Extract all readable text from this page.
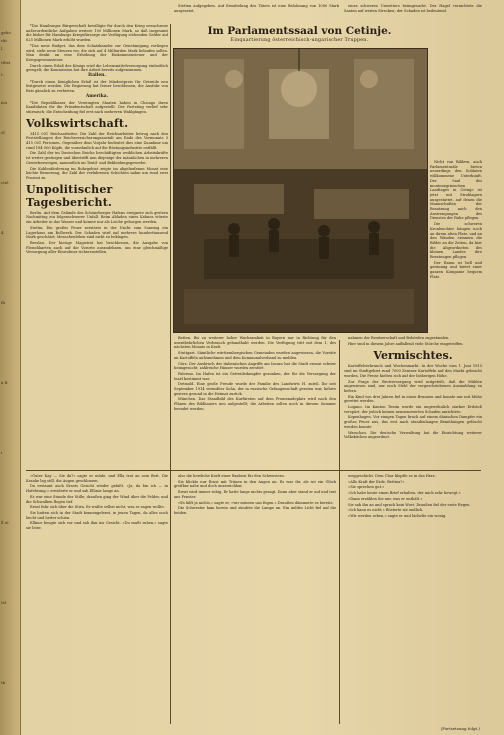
gehe
rkt
l.
ttbei
t.
iiei
öl
ctel
4.
Ri
a B
i
ll ei
tsl
tk

*Die Hamburger Bürgerschaft bewilligte für durch den Krieg erwachsene außerordentliche Aufgaben weitere 100 Millionen Mark, so daß insgesamt die bisher für Hamburgs Kriegsfürsorge zur Verfügung stehenden Gelder auf 625 Millionen Mark erhöht wurden.

*Das neue Budget, das dem Schatzkanzler zur Genehmigung vorliegen wird, sieht neue Steuern vor, die sich auf 4 Milliarden Mark belaufen sollen. Man denkt an eine Erhöhung der Einkommensteuer und der Kriegsgewinnsteuer.

Durch einen Erlaß des Königs wird die Lebensmittelversorgung einheitlich geregelt; die Kommission hat ihre Arbeit bereits aufgenommen.

Italien.

*Durch einen königlichen Erlaß ist der Mindestpreis für Getreide neu festgesetzt worden. Die Regierung hat ferner beschlossen, die Ausfuhr von Reis gänzlich zu verbieten.

Amerika.

*Die Republikaner der Vereinigten Staaten haben in Chicago ihren Kandidaten für die Präsidentschaft aufgestellt. Der Parteitag verlief sehr stürmisch; die Entscheidung fiel erst nach mehreren Wahlgängen.

Volkswirtschaft.

3415 001 Reichsarbeiter. Die Zahl der Reichsarbeiter betrug nach den Feststellungen der Reichsversicherungsanstalt am Ende des Vormonats 3 415 001 Personen. Gegenüber dem Vorjahr bedeutet dies eine Zunahme um rund 184 000 Köpfe, die vornehmlich auf die Rüstungsindustrie entfällt.

Die Zahl der im Deutschen Reiche beschäftigten weiblichen Arbeitskräfte ist weiter gestiegen und übertrifft nun diejenige der männlichen in mehreren Gewerbezweigen, namentlich im Textil- und Bekleidungsgewerbe.

Die Kohlenförderung im Ruhrgebiet zeigte im abgelaufenen Monat eine leichte Besserung; die Zahl der verfahrenen Schichten nahm um rund zwei Prozent zu.

Unpolitischer Tagesbericht.

Berlin. Auf dem Gelände des Schöneberger Hafens ereignete sich gestern Nachmittag ein folgenschwerer Unfall. Beim Abladen eines Kahnes stürzte ein Arbeiter in das Wasser und konnte nur als Leiche geborgen werden.

Stettin. Ein großes Feuer zerstörte in der Nacht zum Sonntag ein Lagerhaus am Bollwerk. Der Schaden wird auf mehrere hunderttausend Mark geschätzt; Menschenleben sind nicht zu beklagen.

Breslau. Der hiesige Magistrat hat beschlossen, die Ausgabe von Fleischkarten auch auf die Vororte auszudehnen, um eine gleichmäßige Versorgung aller Einwohner sicherzustellen.

Im Parlamentssaal von Cetinje.
Einquartierung österreichisch-ungarischer Truppen.

Nicht von Bildern, auch Parlamentssäle bieten neuerdings den Soldaten willkommene Unterkunft. Der Saal des montenegrinischen Landtages in Cetinje ist jetzt mit Strohlagern ausgestattet, auf denen die Mannschaften der Besatzung nach den Anstrengungen des Dienstes der Ruhe pflegen.

Die schweren Kronleuchter hängen noch an ihrem alten Platz, und an den Wänden erinnern die Bilder an die Zeiten, da hier die Abgeordneten des kleinen Landes ihre Beratungen pflogen.

Der Raum ist hell und geräumig und bietet einer ganzen Kompanie bequem Platz.

eines schweren Unwetters heimgesucht. Der Hagel vernichtete die Saaten auf weiten Strecken; der Schaden ist bedeutend.

Stetten aufgegeben. Auf Ermittelung des Täters ist eine Belohnung von 1000 Mark ausgesetzt.

Betten. Bis zu weiterer hoher Wachsamkeit in Bayern nur in Richtung für den unentbehrlichen Verbrauch gehandhabt werden. Die Verfügung tritt mit dem 1. des nächsten Monats in Kraft.

Stuttgart. Sämtliche württembergischen Gemeinden wurden angewiesen, die Vorräte an Kartoffeln aufzunehmen und dem Kommunalverband zu melden.

Görz. Der Ausbruch der italienischen Angriffe am Isonzo hat die Stadt erneut schwer heimgesucht; zahlreiche Häuser wurden zerstört.

Palermo. Im Hafen ist ein Getreidedampfer gesunken, der für die Versorgung der Insel bestimmt war.

Detmold. Eine große Freude wurde der Familie des Landwirts H. zuteil. Ihr seit September 1914 vermißter Sohn, der in russische Gefangenschaft geraten war, kehrte gestern gesund in die Heimat zurück.

München. Das Standbild des Kurfürsten auf dem Promenadeplatz wird nach den Plänen des Bildhauers neu aufgestellt; die Arbeiten sollen noch in diesem Sommer beendet werden.

nahmen der Besitzerschaft und Behörden zugestanden.

Hier sind in diesem Jahre auffallend viele Störche eingetroffen.

Vermischtes.

Kartoffelverbrauch und Wochenmarkt. In der Woche vom 1. Juni 1915 sind im Stadtgebiet rund 7000 Zentner Kartoffeln auf den Markt gebracht worden. Die Preise hielten sich auf der bisherigen Höhe.

Zur Frage der Brotversorgung wird mitgeteilt, daß die Mühlen angewiesen sind, nur noch Mehl der vorgeschriebenen Ausmahlung zu liefern.

Ein Kind von drei Jahren fiel in einen Brunnen und konnte nur mit Mühe gerettet werden.

Lugano. Im Kanton Tessin wurde ein ungewöhnlich starker Erdstoß verspürt, der jedoch keinen nennenswerten Schaden anrichtete.

Kopenhagen. Vor einigen Tagen brach auf einem dänischen Dampfer ein großes Feuer aus, das erst nach stundenlangen Bemühungen gelöscht werden konnte.

Warschau. Die deutsche Verwaltung hat die Einrichtung weiterer Volksküchen angeordnet.

»Guter Kay — Sie da?« sagte er müde, und Ella trat an sein Bett. Die Kranke lag still, die Augen geschlossen.

Da erstaunt auch Ernsts Gesicht wieder gefaßt. »Ja, da bin ich — in Hafelwang,« erwiderte er und sah Ellinor lange an.

Es war eine Stunde der Stille; draußen ging der Wind über die Felder, und die Schwalben flogen tief.

Ernst fuhr sich über die Stirn. Er wußte selbst nicht, was er sagen wollte.

Sie hatten sich in der Stadt kennengelernt, in jenen Tagen, da alles noch leicht und heiter schien.

Ellinor beugte sich vor und sah ihm ins Gesicht. »Du mußt ruhen,« sagte sie leise.

also die herrliche Kraft einer Brabeut für den Schwestern.

Sie blickte nur Ernst mit Tränen in den Augen an. Es war ihr, als sei ein Glück greifbar nahe und doch unerreichbar.

Ernst wird immer ruhig. Er hatte lange nichts gesagt. Dann aber stand er auf und trat ans Fenster.

»Es hilft ja nichts,« sagte er, »wir müssen uns fügen.« Draußen dämmerte es bereits.

Die Schwester kam herein und zündete die Lampe an. Ein mildes Licht fiel auf die beiden.

weggeschickt. Dem Chor klopfte es in das Herz.

»Alle Kraft der Erde, Bettina?«

»Sie sprechen gut.«

»Ich habe heute einen Brief erhalten, der mich sehr bewegt.«

»Dann erzählen Sie mir, was er enthält.«

Sie sah ihn an und sprach kein Wort. Draußen fiel der erste Regen.

»Ich kann es nicht,« flüsterte sie endlich.

»Wir werden sehen,« sagte er und lächelte ein wenig.

(Fortsetzung folgt.)
